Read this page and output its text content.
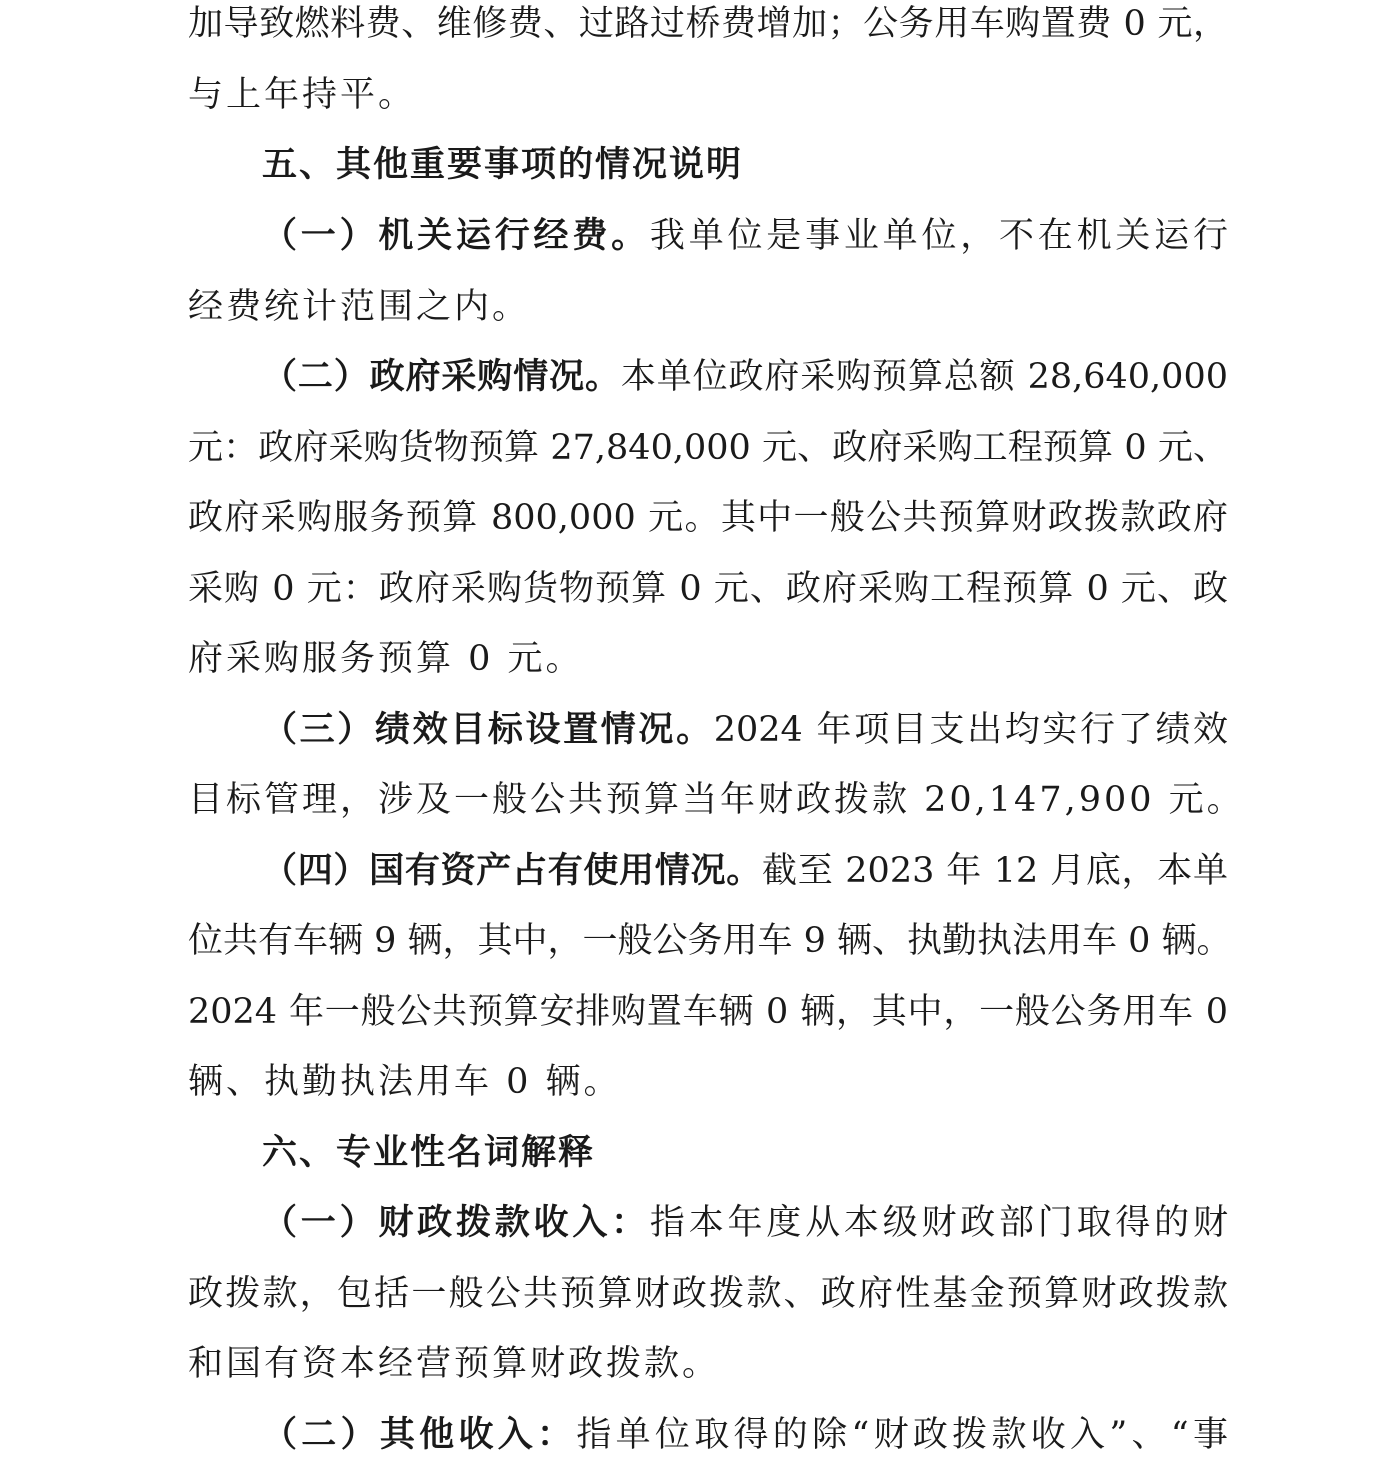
加导致燃料费、维修费、过路过桥费增加；公务用车购置费 0 元，
与上年持平。
五、其他重要事项的情况说明
（一）机关运行经费。我单位是事业单位，不在机关运行
经费统计范围之内。
（二）政府采购情况。本单位政府采购预算总额 28,640,000
元：政府采购货物预算 27,840,000 元、政府采购工程预算 0 元、
政府采购服务预算 800,000 元。其中一般公共预算财政拨款政府
采购 0 元：政府采购货物预算 0 元、政府采购工程预算 0 元、政
府采购服务预算 0 元。
（三）绩效目标设置情况。2024 年项目支出均实行了绩效
目标管理，涉及一般公共预算当年财政拨款 20,147,900 元。
（四）国有资产占有使用情况。截至 2023 年 12 月底，本单
位共有车辆 9 辆，其中，一般公务用车 9 辆、执勤执法用车 0 辆。
2024 年一般公共预算安排购置车辆 0 辆，其中，一般公务用车 0
辆、执勤执法用车 0 辆。
六、专业性名词解释
（一）财政拨款收入：指本年度从本级财政部门取得的财
政拨款，包括一般公共预算财政拨款、政府性基金预算财政拨款
和国有资本经营预算财政拨款。
（二）其他收入：指单位取得的除“财政拨款收入”、“事
